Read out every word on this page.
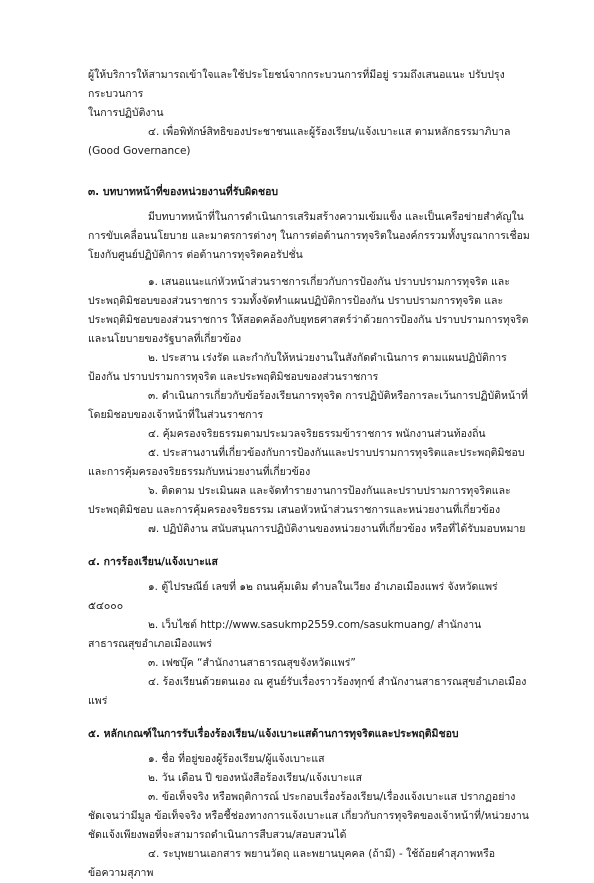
ผู้ให้บริการให้สามารถเข้าใจและใช้ประโยชน์จากกระบวนการที่มีอยู่ รวมถึงเสนอแนะ ปรับปรุงกระบวนการ

ในการปฏิบัติงาน

๔. เพื่อพิทักษ์สิทธิของประชาชนและผู้ร้องเรียน/แจ้งเบาะแส ตามหลักธรรมาภิบาล

(Good Governance)

๓. บทบาทหน้าที่ของหน่วยงานที่รับผิดชอบ

มีบทบาทหน้าที่ในการดำเนินการเสริมสร้างความเข้มแข็ง และเป็นเครือข่ายสำคัญในการขับเคลื่อนนโยบาย และมาตรการต่างๆ ในการต่อต้านการทุจริตในองค์กรรวมทั้งบูรณาการเชื่อมโยงกับศูนย์ปฏิบัติการ ต่อต้านการทุจริตคอรัปชั่น

๑. เสนอแนะแก่หัวหน้าส่วนราชการเกี่ยวกับการป้องกัน ปราบปรามการทุจริต และประพฤติมิชอบของส่วนราชการ รวมทั้งจัดทำแผนปฏิบัติการป้องกัน ปราบปรามการทุจริต และประพฤติมิชอบของส่วนราชการ ให้สอดคล้องกับยุทธศาสตร์ว่าด้วยการป้องกัน ปราบปรามการทุจริต และนโยบายของรัฐบาลที่เกี่ยวข้อง

๒. ประสาน เร่งรัด และกำกับให้หน่วยงานในสังกัดดำเนินการ ตามแผนปฏิบัติการป้องกัน ปราบปรามการทุจริต และประพฤติมิชอบของส่วนราชการ

๓. ดำเนินการเกี่ยวกับข้อร้องเรียนการทุจริต การปฏิบัติหรือการละเว้นการปฏิบัติหน้าที่โดยมิชอบของเจ้าหน้าที่ในส่วนราชการ

๔. คุ้มครองจริยธรรมตามประมวลจริยธรรมข้าราชการ พนักงานส่วนท้องถิ่น

๕. ประสานงานที่เกี่ยวข้องกับการป้องกันและปราบปรามการทุจริตและประพฤติมิชอบ และการคุ้มครองจริยธรรมกับหน่วยงานที่เกี่ยวข้อง

๖. ติดตาม ประเมินผล และจัดทำรายงานการป้องกันและปราบปรามการทุจริตและประพฤติมิชอบ และการคุ้มครองจริยธรรม เสนอหัวหน้าส่วนราชการและหน่วยงานที่เกี่ยวข้อง

๗. ปฏิบัติงาน สนับสนุนการปฏิบัติงานของหน่วยงานที่เกี่ยวข้อง หรือที่ได้รับมอบหมาย

๔. การร้องเรียน/แจ้งเบาะแส

๑. ตู้ไปรษณีย์ เลขที่ ๑๒ ถนนคุ้มเดิม ตำบลในเวียง อำเภอเมืองแพร่ จังหวัดแพร่ ๕๔๐๐๐

๒. เว็บไซต์ http://www.sasukmp2559.com/sasukmuang/ สำนักงานสาธารณสุขอำเภอเมืองแพร่

๓. เฟซบุ๊ค “สำนักงานสาธารณสุขจังหวัดแพร่”

๔. ร้องเรียนด้วยตนเอง ณ ศูนย์รับเรื่องราวร้องทุกข์ สำนักงานสาธารณสุขอำเภอเมืองแพร่

๕. หลักเกณฑ์ในการรับเรื่องร้องเรียน/แจ้งเบาะแสด้านการทุจริตและประพฤติมิชอบ

๑. ชื่อ ที่อยู่ของผู้ร้องเรียน/ผู้แจ้งเบาะแส

๒. วัน เดือน ปี ของหนังสือร้องเรียน/แจ้งเบาะแส

๓. ข้อเท็จจริง หรือพฤติการณ์ ประกอบเรื่องร้องเรียน/เรื่องแจ้งเบาะแส ปรากฏอย่างชัดเจนว่ามีมูล ข้อเท็จจริง หรือชี้ช่องทางการแจ้งเบาะแส เกี่ยวกับการทุจริตของเจ้าหน้าที่/หน่วยงาน ชัดแจ้งเพียงพอที่จะสามารถดำเนินการสืบสวน/สอบสวนได้

๔. ระบุพยานเอกสาร พยานวัตถุ และพยานบุคคล (ถ้ามี) - ใช้ถ้อยคำสุภาพหรือข้อความสุภาพ
